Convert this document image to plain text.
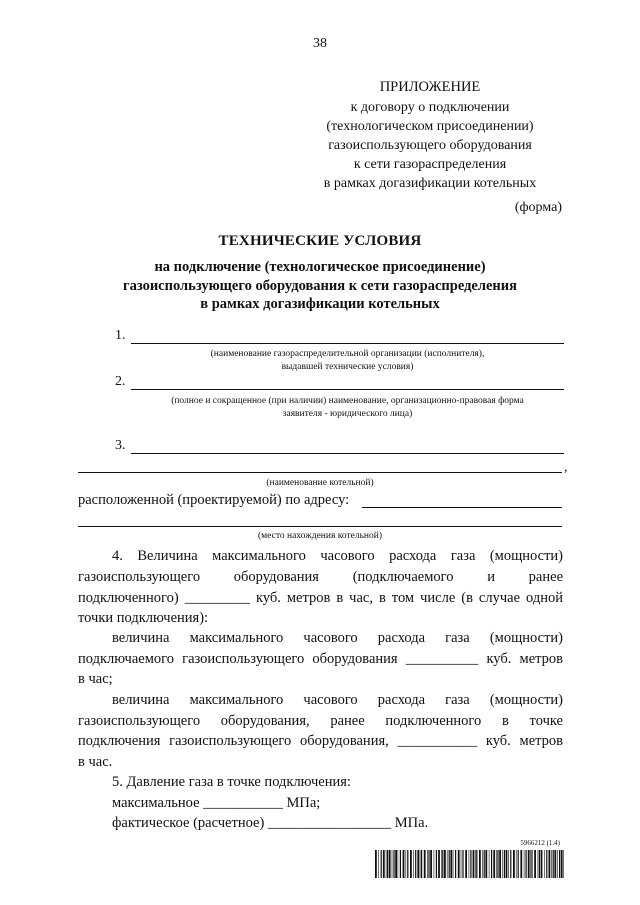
38
ПРИЛОЖЕНИЕ
к договору о подключении
(технологическом присоединении)
газоиспользующего оборудования
к сети газораспределения
в рамках догазификации котельных
(форма)
ТЕХНИЧЕСКИЕ УСЛОВИЯ
на подключение (технологическое присоединение)
газоиспользующего оборудования к сети газораспределения
в рамках догазификации котельных
1.
(наименование газораспределительной организации (исполнителя),
выдавшей технические условия)
2.
(полное и сокращенное (при наличии) наименование, организационно-правовая форма
заявителя - юридического лица)
3.
,
(наименование котельной)
расположенной (проектируемой) по адресу:
(место нахождения котельной)
4. Величина максимального часового расхода газа (мощности)
газоиспользующего оборудования (подключаемого и ранее
подключенного) _________ куб. метров в час, в том числе (в случае одной
точки подключения):
величина максимального часового расхода газа (мощности)
подключаемого газоиспользующего оборудования __________ куб. метров
в час;
величина максимального часового расхода газа (мощности)
газоиспользующего оборудования, ранее подключенного в точке
подключения газоиспользующего оборудования, ___________ куб. метров
в час.
5. Давление газа в точке подключения:
максимальное ___________ МПа;
фактическое (расчетное) _________________ МПа.
5966212 (1.4)
